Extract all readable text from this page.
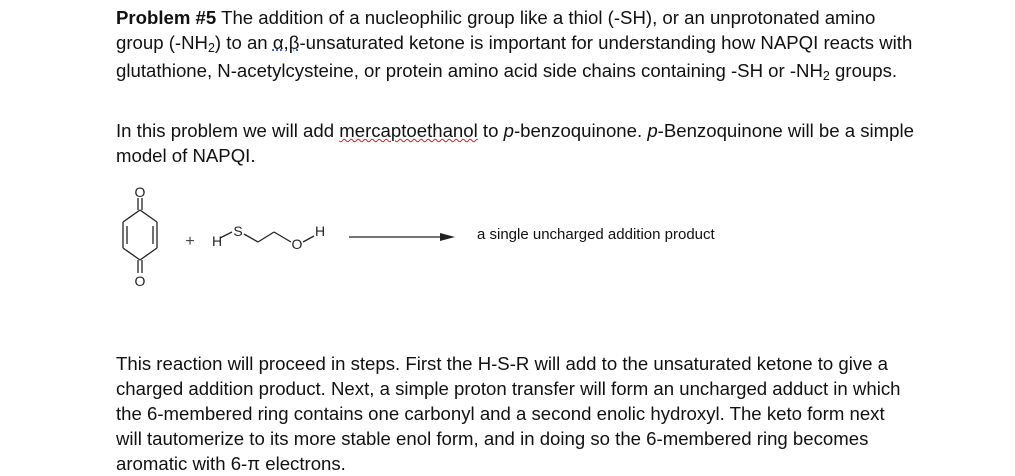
Problem #5 The addition of a nucleophilic group like a thiol (-SH), or an unprotonated amino group (-NH2) to an α,β-unsaturated ketone is important for understanding how NAPQI reacts with glutathione, N-acetylcysteine, or protein amino acid side chains containing -SH or -NH2 groups.

In this problem we will add mercaptoethanol to p-benzoquinone. p-Benzoquinone will be a simple model of NAPQI.

O
O
+ H
S
O
H	a single uncharged addition product

This reaction will proceed in steps. First the H-S-R will add to the unsaturated ketone to give a charged addition product. Next, a simple proton transfer will form an uncharged adduct in which the 6-membered ring contains one carbonyl and a second enolic hydroxyl. The keto form next will tautomerize to its more stable enol form, and in doing so the 6-membered ring becomes aromatic with 6-π electrons.
